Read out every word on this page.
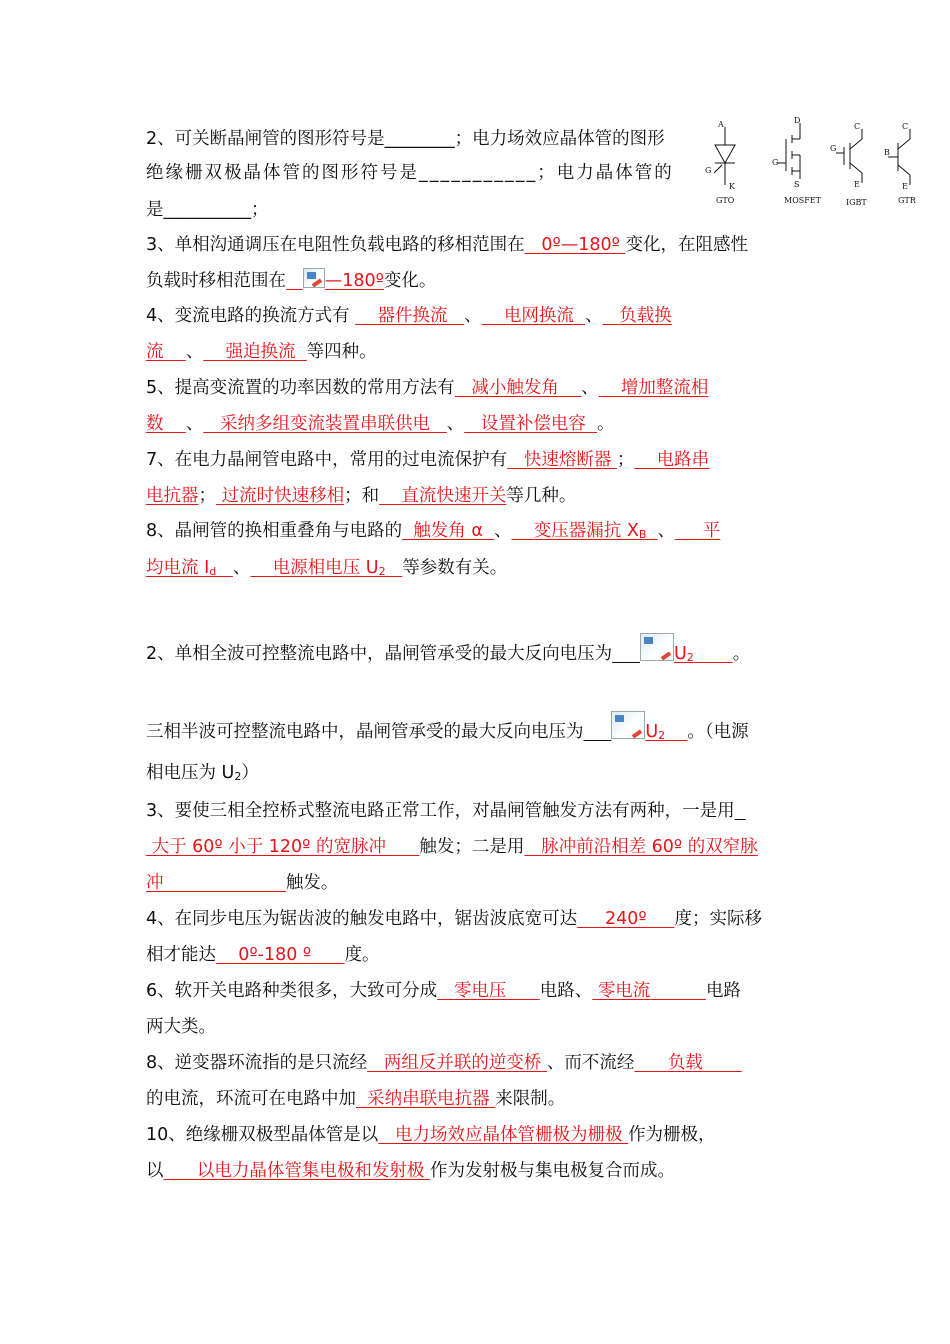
2、可关断晶闸管的图形符号是________；电力场效应晶体管的图形
绝缘栅双极晶体管的图形符号是___________；电力晶体管的
是__________；
A
K
G
GTO
D
S
G
MOSFET
C
E
G
IGBT
C
E
B
GTR
3、单相沟通调压在电阻性负载电路的移相范围在 0º—180º 变化，在阻感性
负载时移相范围在 —180º变化。
4、变流电路的换流方式有     器件换流 、 电网换流 、 负载换
流 、 强迫换流 等四种。
5、提高变流置的功率因数的常用方法有 减小触发角 、 增加整流相
数 、 采纳多组变流装置串联供电 、 设置补偿电容 。
7、在电力晶闸管电路中，常用的过电流保护有 快速熔断器 ； 电路串
电抗器； 过流时快速移相；和 直流快速开关等几种。
8、晶闸管的换相重叠角与电路的 触发角 α 、 变压器漏抗 XB 、 平
均电流 Id 、 电源相电压 U2 等参数有关。
2、单相全波可控整流电路中，晶闸管承受的最大反向电压为	U2 。
三相半波可控整流电路中，晶闸管承受的最大反向电压为	U2 。（电源
相电压为 U2）
3、要使三相全控桥式整流电路正常工作，对晶闸管触发方法有两种，一是用
大于 60º 小于 120º 的宽脉冲 触发；二是用 脉冲前沿相差 60º 的双窄脉
冲	触发。
4、在同步电压为锯齿波的触发电路中，锯齿波底宽可达 240º 度；实际移
相才能达 0º-180 º 度。
6、软开关电路种类很多，大致可分成 零电压 电路、 零电流	电路
两大类。
8、逆变器环流指的是只流经 两组反并联的逆变桥 、而不流经 负载
的电流，环流可在电路中加 采纳串联电抗器 来限制。
10、绝缘栅双极型晶体管是以 电力场效应晶体管栅极为栅极 作为栅极，
以 以电力晶体管集电极和发射极 作为发射极与集电极复合而成。
